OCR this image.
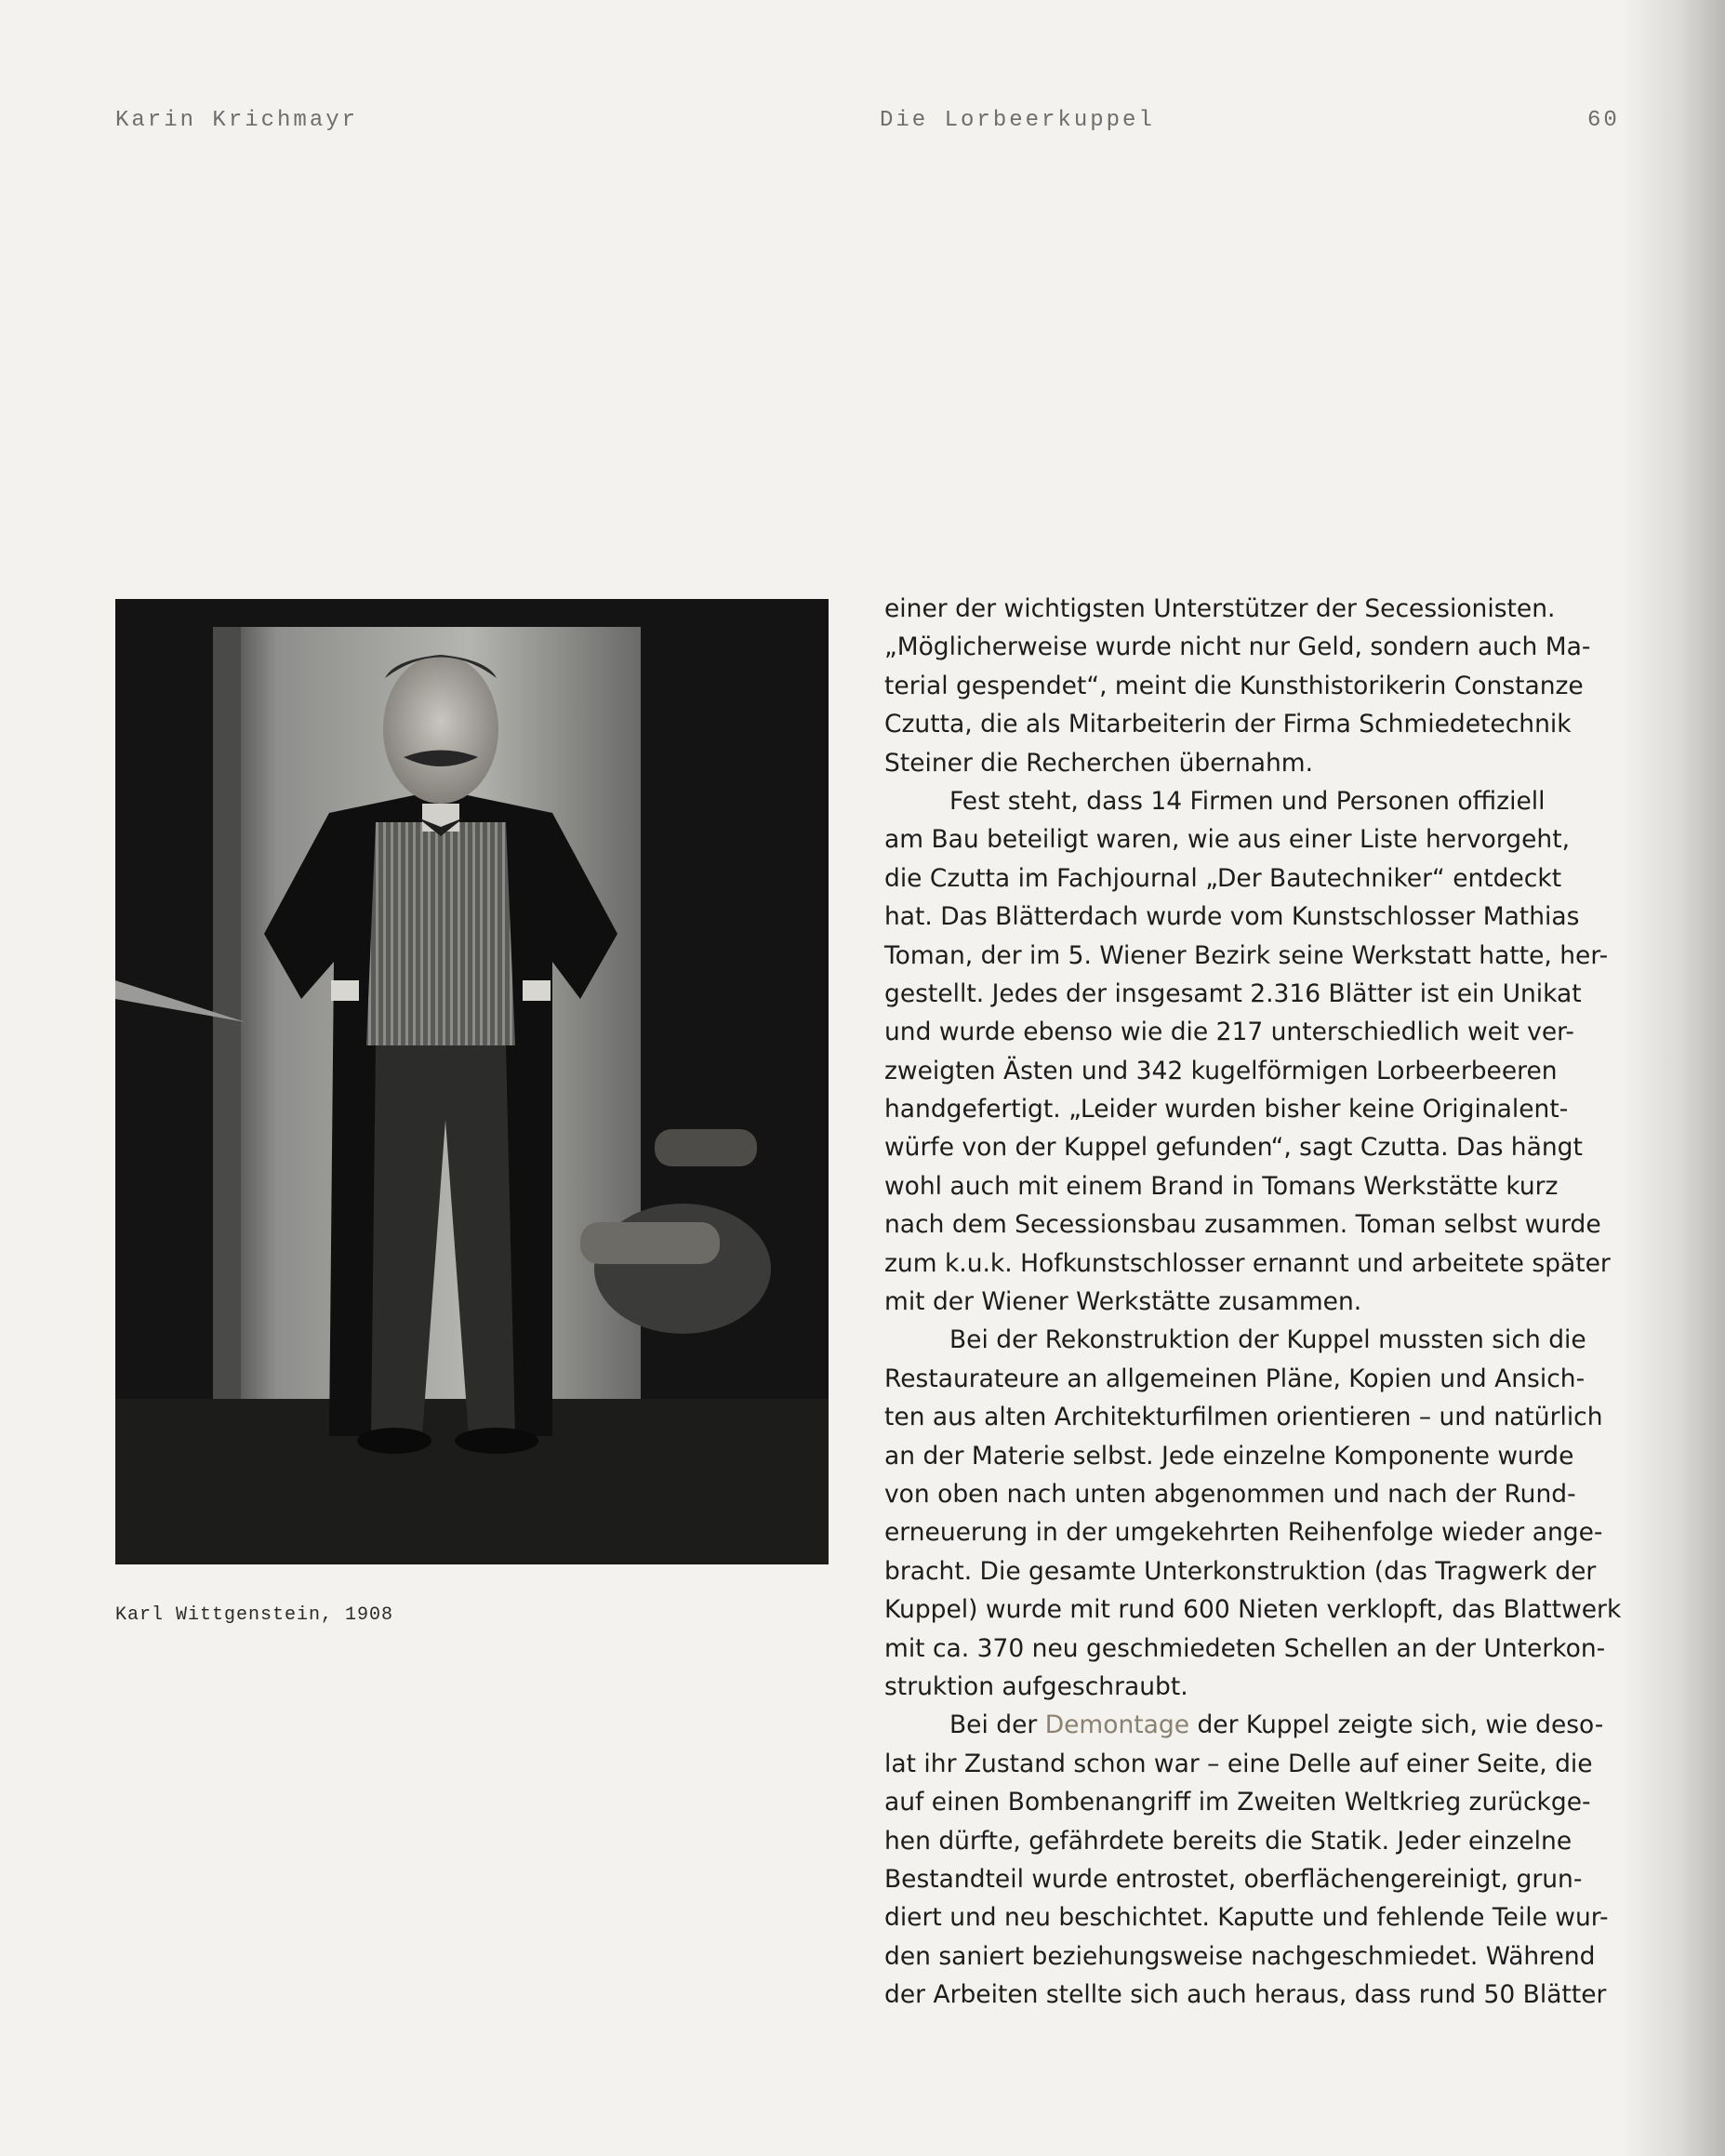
Karin Krichmayr	Die Lorbeerkuppel	60
Karl Wittgenstein, 1908
einer der wichtigsten Unterstützer der Secessionisten.
„Möglicherweise wurde nicht nur Geld, sondern auch Ma-
terial gespendet“, meint die Kunsthistorikerin Constanze
Czutta, die als Mitarbeiterin der Firma Schmiedetechnik
Steiner die Recherchen übernahm.
Fest steht, dass 14 Firmen und Personen offiziell
am Bau beteiligt waren, wie aus einer Liste hervorgeht,
die Czutta im Fachjournal „Der Bautechniker“ entdeckt
hat. Das Blätterdach wurde vom Kunstschlosser Mathias
Toman, der im 5. Wiener Bezirk seine Werkstatt hatte, her-
gestellt. Jedes der insgesamt 2.316 Blätter ist ein Unikat
und wurde ebenso wie die 217 unterschiedlich weit ver-
zweigten Ästen und 342 kugelförmigen Lorbeerbeeren
handgefertigt. „Leider wurden bisher keine Originalent-
würfe von der Kuppel gefunden“, sagt Czutta. Das hängt
wohl auch mit einem Brand in Tomans Werkstätte kurz
nach dem Secessionsbau zusammen. Toman selbst wurde
zum k.u.k. Hofkunstschlosser ernannt und arbeitete später
mit der Wiener Werkstätte zusammen.
Bei der Rekonstruktion der Kuppel mussten sich die
Restaurateure an allgemeinen Pläne, Kopien und Ansich-
ten aus alten Architekturfilmen orientieren – und natürlich
an der Materie selbst. Jede einzelne Komponente wurde
von oben nach unten abgenommen und nach der Rund-
erneuerung in der umgekehrten Reihenfolge wieder ange-
bracht. Die gesamte Unterkonstruktion (das Tragwerk der
Kuppel) wurde mit rund 600 Nieten verklopft, das Blattwerk
mit ca. 370 neu geschmiedeten Schellen an der Unterkon-
struktion aufgeschraubt.
Bei der Demontage der Kuppel zeigte sich, wie deso-
lat ihr Zustand schon war – eine Delle auf einer Seite, die
auf einen Bombenangriff im Zweiten Weltkrieg zurückge-
hen dürfte, gefährdete bereits die Statik. Jeder einzelne
Bestandteil wurde entrostet, oberflächengereinigt, grun-
diert und neu beschichtet. Kaputte und fehlende Teile wur-
den saniert beziehungsweise nachgeschmiedet. Während
der Arbeiten stellte sich auch heraus, dass rund 50 Blätter
